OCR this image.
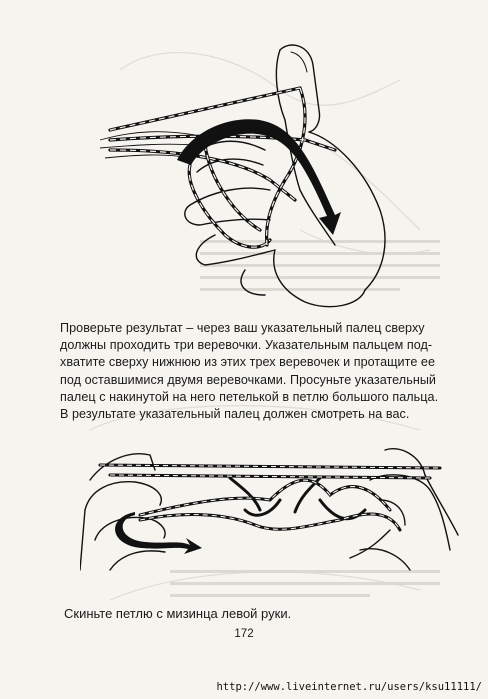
Проверьте результат – через ваш указательный палец сверху
должны проходить три веревочки. Указательным пальцем под-
хватите сверху нижнюю из этих трех веревочек и протащите ее
под оставшимися двумя веревочками. Просуньте указательный
палец с накинутой на него петелькой в петлю большого пальца.
В результате указательный палец должен смотреть на вас.
Скиньте петлю с мизинца левой руки.
172
http://www.liveinternet.ru/users/ksu11111/
